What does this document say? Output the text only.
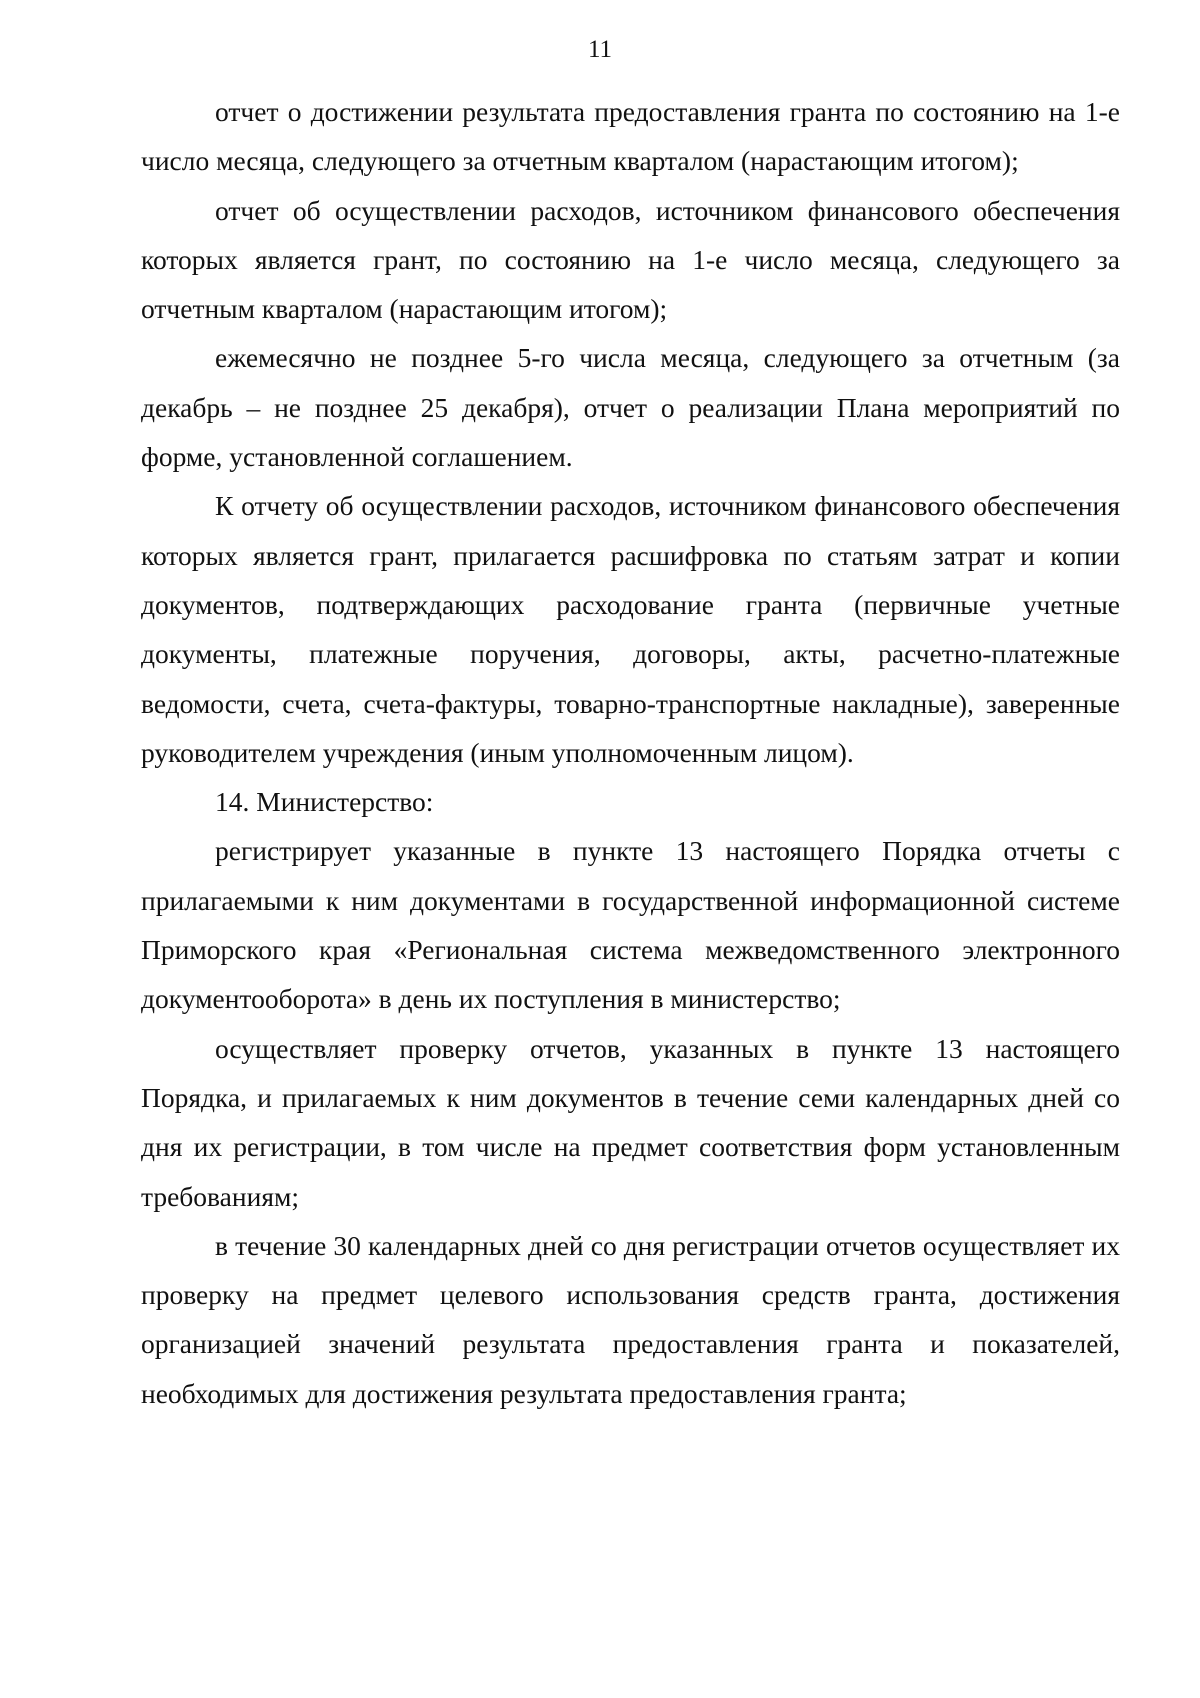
11

отчет о достижении результата предоставления гранта по состоянию на 1-е число месяца, следующего за отчетным кварталом (нарастающим итогом);

отчет об осуществлении расходов, источником финансового обеспечения которых является грант, по состоянию на 1-е число месяца, следующего за отчетным кварталом (нарастающим итогом);

ежемесячно не позднее 5-го числа месяца, следующего за отчетным (за декабрь – не позднее 25 декабря), отчет о реализации Плана мероприятий по форме, установленной соглашением.

К отчету об осуществлении расходов, источником финансового обеспечения которых является грант, прилагается расшифровка по статьям затрат и копии документов, подтверждающих расходование гранта (первичные учетные документы, платежные поручения, договоры, акты, расчетно-платежные ведомости, счета, счета-фактуры, товарно-транспортные накладные), заверенные руководителем учреждения (иным уполномоченным лицом).

14. Министерство:

регистрирует указанные в пункте 13 настоящего Порядка отчеты с прилагаемыми к ним документами в государственной информационной системе Приморского края «Региональная система межведомственного электронного документооборота» в день их поступления в министерство;

осуществляет проверку отчетов, указанных в пункте 13 настоящего Порядка, и прилагаемых к ним документов в течение семи календарных дней со дня их регистрации, в том числе на предмет соответствия форм установленным требованиям;

в течение 30 календарных дней со дня регистрации отчетов осуществляет их проверку на предмет целевого использования средств гранта, достижения организацией значений результата предоставления гранта и показателей, необходимых для достижения результата предоставления гранта;
